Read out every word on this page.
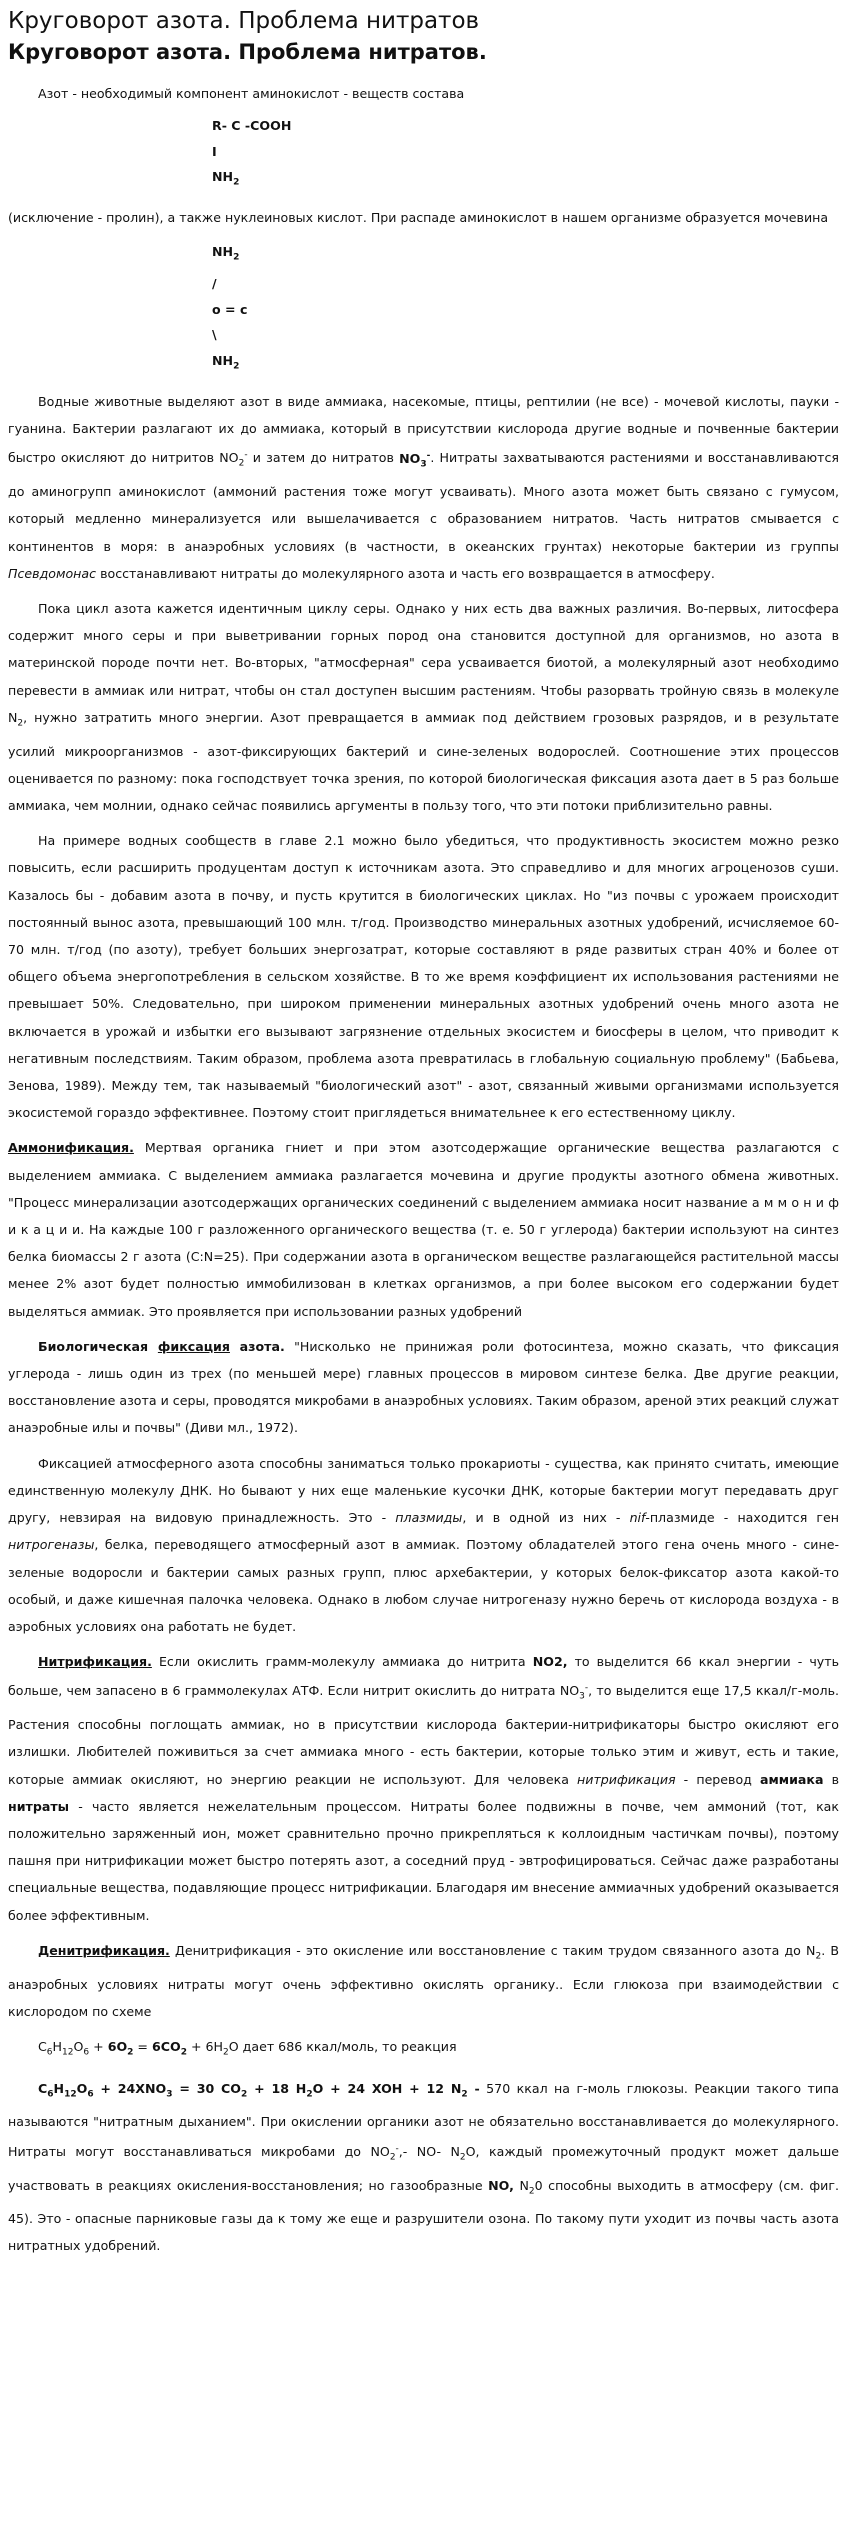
Круговорот азота. Проблема нитратов
Круговорот азота. Проблема нитратов.

Азот - необходимый компонент аминокислот - веществ состава

R- C -COOH

I

$NH_2$

(исключение - пролин), а также нуклеиновых кислот. При распаде аминокислот в нашем организме образуется мочевина

$NH_2$

/

o = c

\

$NH_2$

Водные животные выделяют азот в виде аммиака, насекомые, птицы, рептилии (не все) - мочевой кислоты, пауки - гуанина. Бактерии разлагают их до аммиака, который в присутствии кислорода другие водные и почвенные бактерии быстро окисляют до нитритов $NO_2^-$ и затем до нитратов $NO_3^-$. Нитраты захватываются растениями и восстанавливаются до аминогрупп аминокислот (аммоний растения тоже могут усваивать). Много азота может быть связано с гумусом, который медленно минерализуется или вышелачивается с образованием нитратов. Часть нитратов смывается с континентов в моря: в анаэробных условиях (в частности, в океанских грунтах) некоторые бактерии из группы Псевдомонас восстанавливают нитраты до молекулярного азота и часть его возвращается в атмосферу.

Пока цикл азота кажется идентичным циклу серы. Однако у них есть два важных различия. Во-первых, литосфера содержит много серы и при выветривании горных пород она становится доступной для организмов, но азота в материнской породе почти нет. Во-вторых, "атмосферная" сера усваивается биотой, а молекулярный азот необходимо перевести в аммиак или нитрат, чтобы он стал доступен высшим растениям. Чтобы разорвать тройную связь в молекуле $N_2$, нужно затратить много энергии. Азот превращается в аммиак под действием грозовых разрядов, и в результате усилий микроорганизмов - азот-фиксирующих бактерий и сине-зеленых водорослей. Соотношение этих процессов оценивается по разному: пока господствует точка зрения, по которой биологическая фиксация азота дает в 5 раз больше аммиака, чем молнии, однако сейчас появились аргументы в пользу того, что эти потоки приблизительно равны.

На примере водных сообществ в главе 2.1 можно было убедиться, что продуктивность экосистем можно резко повысить, если расширить продуцентам доступ к источникам азота. Это справедливо и для многих агроценозов суши. Казалось бы - добавим азота в почву, и пусть крутится в биологических циклах. Но "из почвы с урожаем происходит постоянный вынос азота, превышающий 100 млн. т/год. Производство минеральных азотных удобрений, исчисляемое 60-70 млн. т/год (по азоту), требует больших энергозатрат, которые составляют в ряде развитых стран 40% и более от общего объема энергопотребления в сельском хозяйстве. В то же время коэффициент их использования растениями не превышает 50%. Следовательно, при широком применении минеральных азотных удобрений очень много азота не включается в урожай и избытки его вызывают загрязнение отдельных экосистем и биосферы в целом, что приводит к негативным последствиям. Таким образом, проблема азота превратилась в глобальную социальную проблему" (Бабьева, Зенова, 1989). Между тем, так называемый "биологический азот" - азот, связанный живыми организмами используется экосистемой гораздо эффективнее. Поэтому стоит приглядеться внимательнее к его естественному циклу.

Аммонификация. Мертвая органика гниет и при этом азотсодержащие органические вещества разлагаются с выделением аммиака. С выделением аммиака разлагается мочевина и другие продукты азотного обмена животных. "Процесс минерализации азотсодержащих органических соединений с выделением аммиака носит название а м м о н и ф и к а ц и и. На каждые 100 г разложенного органического вещества (т. е. 50 г углерода) бактерии используют на синтез белка биомассы 2 г азота (С:N=25). При содержании азота в органическом веществе разлагающейся растительной массы менее 2% азот будет полностью иммобилизован в клетках организмов, а при более высоком его содержании будет выделяться аммиак. Это проявляется при использовании разных удобрений

Биологическая фиксация азота. "Нисколько не принижая роли фотосинтеза, можно сказать, что фиксация углерода - лишь один из трех (по меньшей мере) главных процессов в мировом синтезе белка. Две другие реакции, восстановление азота и серы, проводятся микробами в анаэробных условиях. Таким образом, ареной этих реакций служат анаэробные илы и почвы" (Диви мл., 1972).

Фиксацией атмосферного азота способны заниматься только прокариоты - существа, как принято считать, имеющие единственную молекулу ДНК. Но бывают у них еще маленькие кусочки ДНК, которые бактерии могут передавать друг другу, невзирая на видовую принадлежность. Это - плазмиды, и в одной из них - nif-плазмиде - находится ген нитрогеназы, белка, переводящего атмосферный азот в аммиак. Поэтому обладателей этого гена очень много - сине-зеленые водоросли и бактерии самых разных групп, плюс архебактерии, у которых белок-фиксатор азота какой-то особый, и даже кишечная палочка человека. Однако в любом случае нитрогеназу нужно беречь от кислорода воздуха - в аэробных условиях она работать не будет.

Нитрификация. Если окислить грамм-молекулу аммиака до нитрита NO2, то выделится 66 ккал энергии - чуть больше, чем запасено в 6 граммолекулах АТФ. Если нитрит окислить до нитрата $NO_3^-$, то выделится еще 17,5 ккал/г-моль. Растения способны поглощать аммиак, но в присутствии кислорода бактерии-нитрификаторы быстро окисляют его излишки. Любителей поживиться за счет аммиака много - есть бактерии, которые только этим и живут, есть и такие, которые аммиак окисляют, но энергию реакции не используют. Для человека нитрификация - перевод аммиака в нитраты - часто является нежелательным процессом. Нитраты более подвижны в почве, чем аммоний (тот, как положительно заряженный ион, может сравнительно прочно прикрепляться к коллоидным частичкам почвы), поэтому пашня при нитрификации может быстро потерять азот, а соседний пруд - эвтрофицироваться. Сейчас даже разработаны специальные вещества, подавляющие процесс нитрификации. Благодаря им внесение аммиачных удобрений оказывается более эффективным.

Денитрификация. Денитрификация - это окисление или восстановление с таким трудом связанного азота до $N_2$. В анаэробных условиях нитраты могут очень эффективно окислять органику.. Если глюкоза при взаимодействии с кислородом по схеме

$C_6H_{12}O_6 + 6O_2 = 6CO_2 + 6H_2O$ дает 686 ккал/моль, то реакция

$C_6H_{12}O_6 + 24XNO_3 = 30$ $CO_2 + 18$ $H_2O + 24$ XOH + 12 $N_2 - 570$ ккал на г-моль глюкозы. Реакции такого типа называются "нитратным дыханием". При окислении органики азот не обязательно восстанавливается до молекулярного. Нитраты могут восстанавливаться микробами до $NO_2^-,-$ NO- $N_2O$, каждый промежуточный продукт может дальше участвовать в реакциях окисления-восстановления; но газообразные NO, $N_20$ способны выходить в атмосферу (см. фиг. 45). Это - опасные парниковые газы да к тому же еще и разрушители озона. По такому пути уходит из почвы часть азота нитратных удобрений.
